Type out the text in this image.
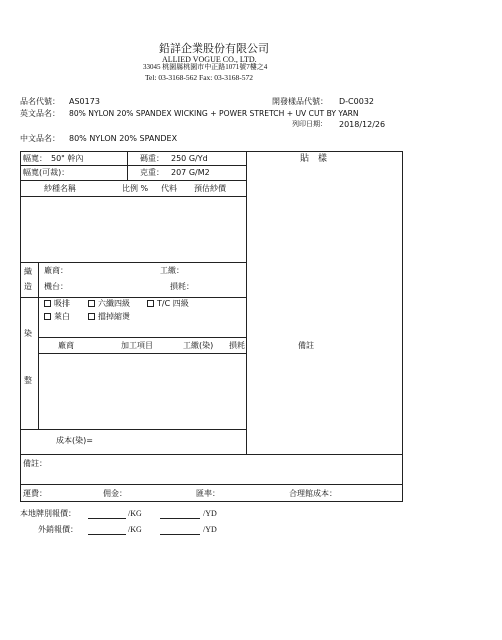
鉛詳企業股份有限公司
ALLIED VOGUE CO., LTD.
33045 桃園縣桃園市中正路1071號7樓之4
Tel: 03-3168-562 Fax: 03-3168-572
品名代號： AS0173	開發樣品代號： D-C0032
英文品名： 80% NYLON 20% SPANDEX WICKING + POWER STRETCH + UV CUT BY YARN
列印日期： 2018/12/26
中文品名： 80% NYLON 20% SPANDEX
幅寬： 50" 幹內	碼重： 250 G/Yd	貼　樣
幅寬(可裁)：	克重： 207 G/M2
紗種名稱	比例 % 代料 預估紗價
織
造
廠商：	工繳：
機台：	損耗：
染
整
吸排	六纖四級	T/C 四級
萊白	擋掉縮燙
廠商	加工項目	工繳(染) 損耗	備註
成本(染)=
備註：
運費：	佣金：	匯率：	合理館成本：
本地牌別報價：	/KG	/YD
外銷報價：	/KG	/YD
